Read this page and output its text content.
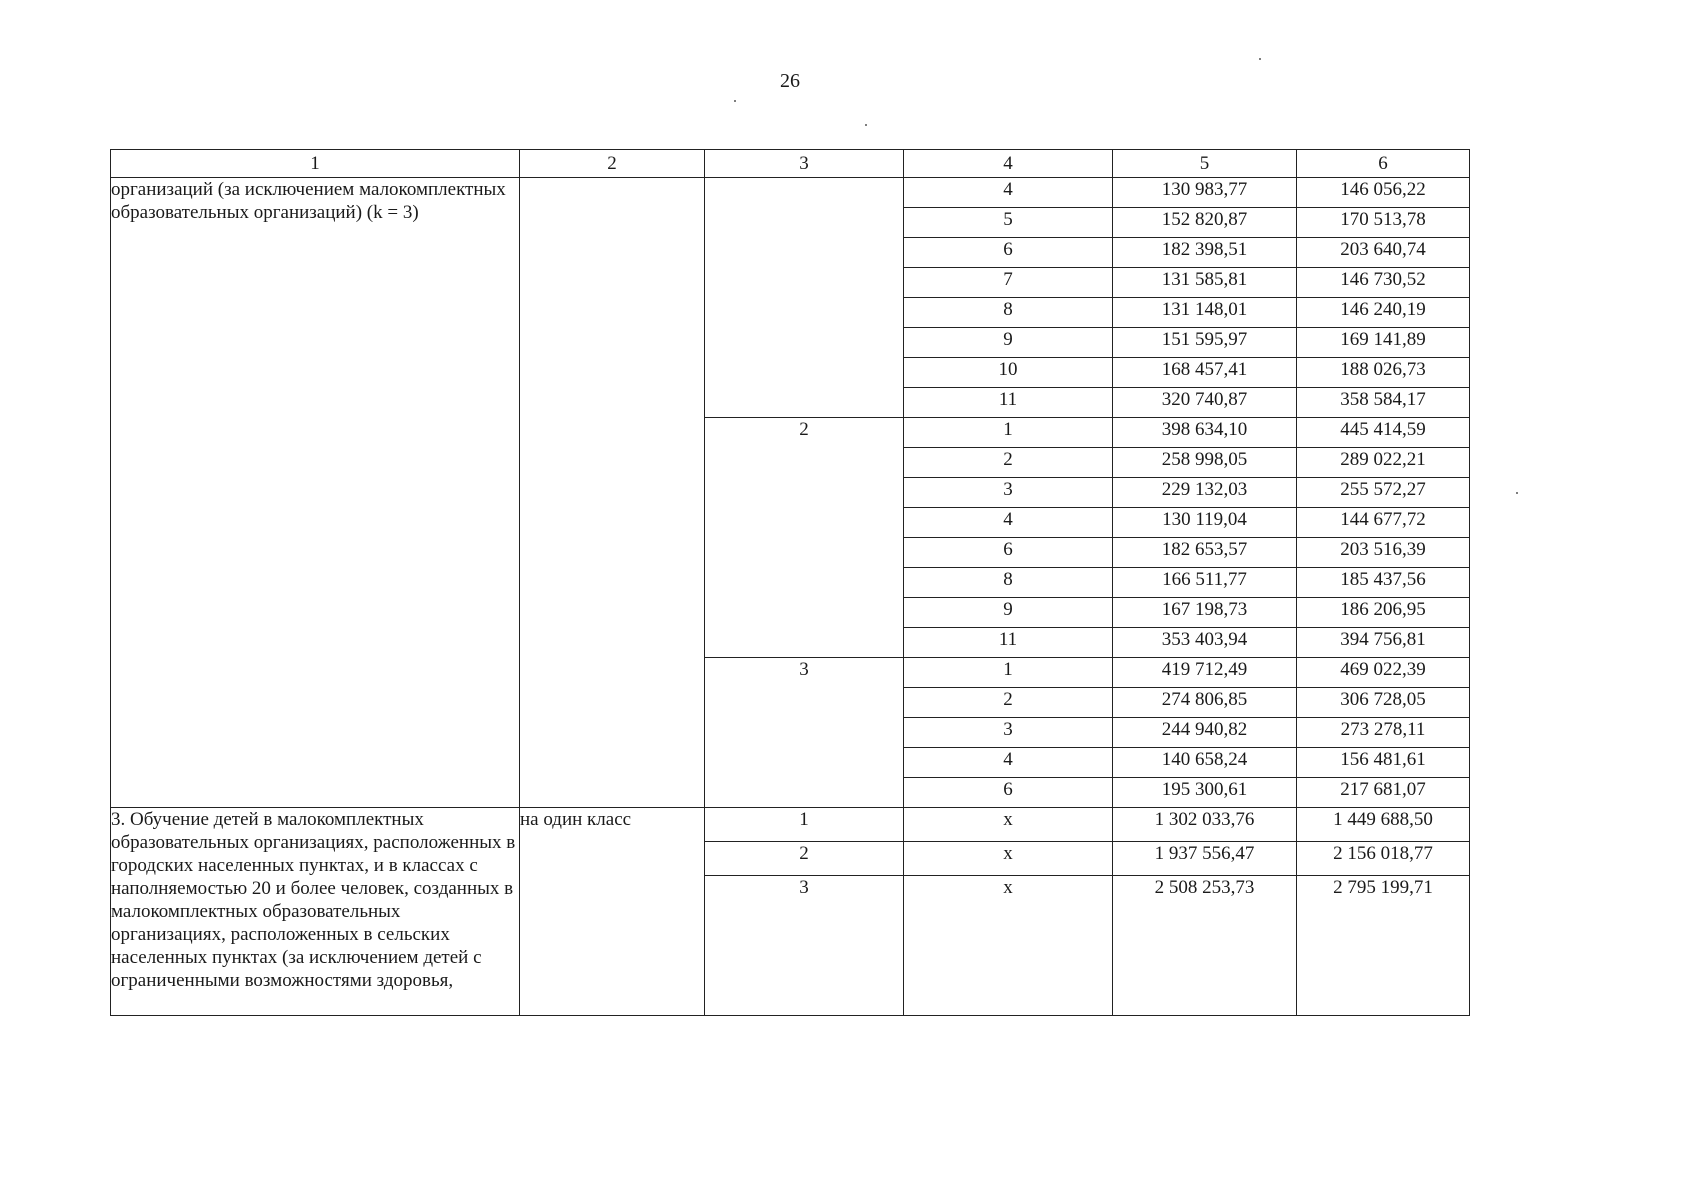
26
1	2	3	4	5	6
организаций (за исключением малокомплектных образовательных организаций) (k = 3)			4	130 983,77	146 056,22
			5	152 820,87	170 513,78
			6	182 398,51	203 640,74
			7	131 585,81	146 730,52
			8	131 148,01	146 240,19
			9	151 595,97	169 141,89
			10	168 457,41	188 026,73
			11	320 740,87	358 584,17
		2	1	398 634,10	445 414,59
			2	258 998,05	289 022,21
			3	229 132,03	255 572,27
			4	130 119,04	144 677,72
			6	182 653,57	203 516,39
			8	166 511,77	185 437,56
			9	167 198,73	186 206,95
			11	353 403,94	394 756,81
		3	1	419 712,49	469 022,39
			2	274 806,85	306 728,05
			3	244 940,82	273 278,11
			4	140 658,24	156 481,61
			6	195 300,61	217 681,07
3. Обучение детей в малокомплектных образовательных организациях, расположенных в городских населенных пунктах, и в классах с наполняемостью 20 и более человек, созданных в малокомплектных образовательных организациях, расположенных в сельских населенных пунктах (за исключением детей с ограниченными возможностями здоровья,	на один класс	1	х	1 302 033,76	1 449 688,50
		2	х	1 937 556,47	2 156 018,77
		3	х	2 508 253,73	2 795 199,71
